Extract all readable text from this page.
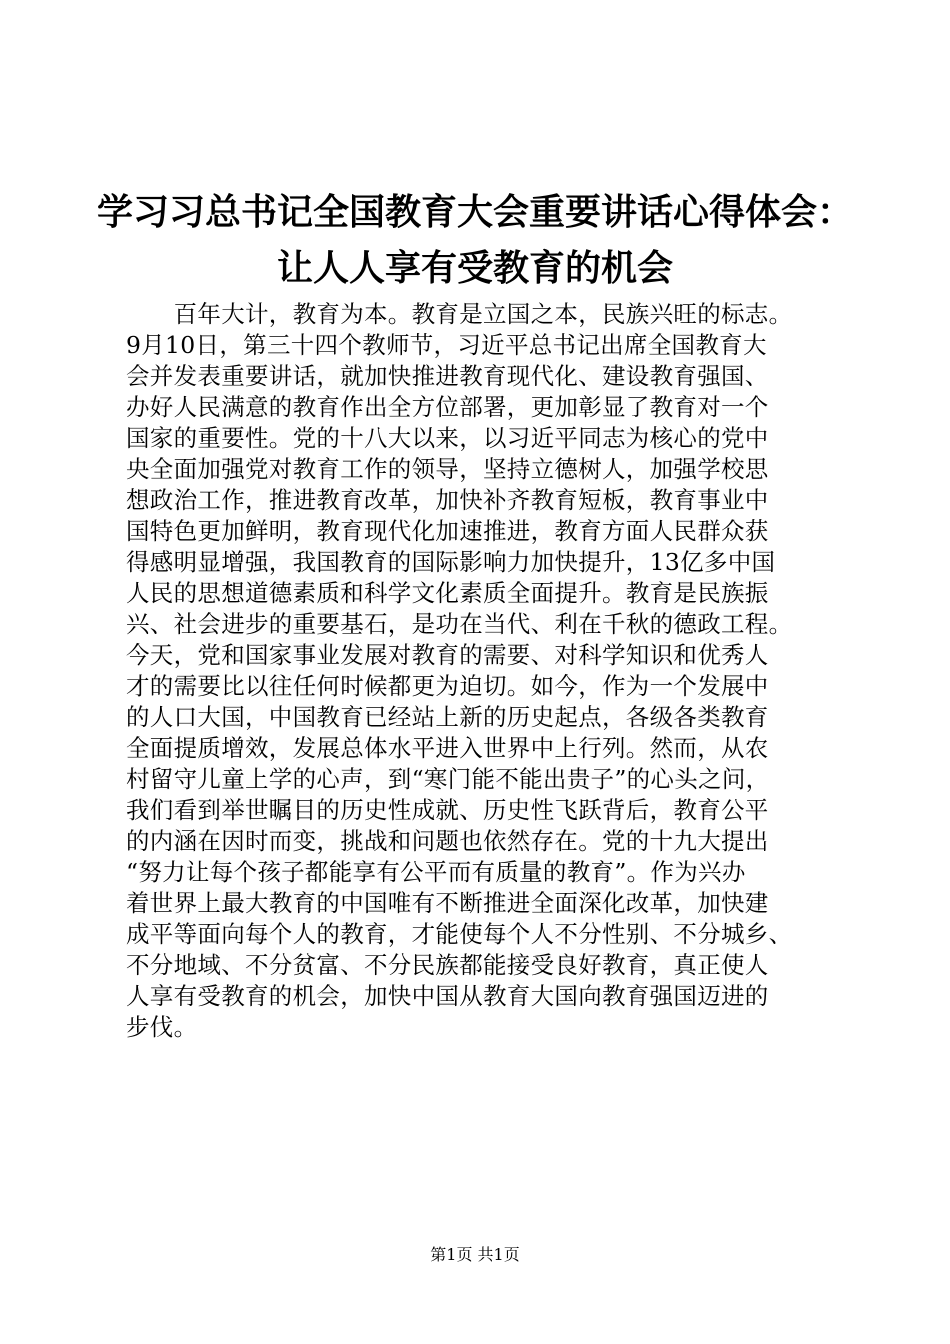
学习习总书记全国教育大会重要讲话心得体会：
让人人享有受教育的机会
　　百年大计，教育为本。教育是立国之本，民族兴旺的标志。
9月10日，第三十四个教师节，习近平总书记出席全国教育大
会并发表重要讲话，就加快推进教育现代化、建设教育强国、
办好人民满意的教育作出全方位部署，更加彰显了教育对一个
国家的重要性。党的十八大以来，以习近平同志为核心的党中
央全面加强党对教育工作的领导，坚持立德树人，加强学校思
想政治工作，推进教育改革，加快补齐教育短板，教育事业中
国特色更加鲜明，教育现代化加速推进，教育方面人民群众获
得感明显增强，我国教育的国际影响力加快提升，13亿多中国
人民的思想道德素质和科学文化素质全面提升。教育是民族振
兴、社会进步的重要基石，是功在当代、利在千秋的德政工程。
今天，党和国家事业发展对教育的需要、对科学知识和优秀人
才的需要比以往任何时候都更为迫切。如今，作为一个发展中
的人口大国，中国教育已经站上新的历史起点，各级各类教育
全面提质增效，发展总体水平进入世界中上行列。然而，从农
村留守儿童上学的心声，到“寒门能不能出贵子”的心头之问，
我们看到举世瞩目的历史性成就、历史性飞跃背后，教育公平
的内涵在因时而变，挑战和问题也依然存在。党的十九大提出
“努力让每个孩子都能享有公平而有质量的教育”。作为兴办
着世界上最大教育的中国唯有不断推进全面深化改革，加快建
成平等面向每个人的教育，才能使每个人不分性别、不分城乡、
不分地域、不分贫富、不分民族都能接受良好教育，真正使人
人享有受教育的机会，加快中国从教育大国向教育强国迈进的
步伐。
第1页 共1页
